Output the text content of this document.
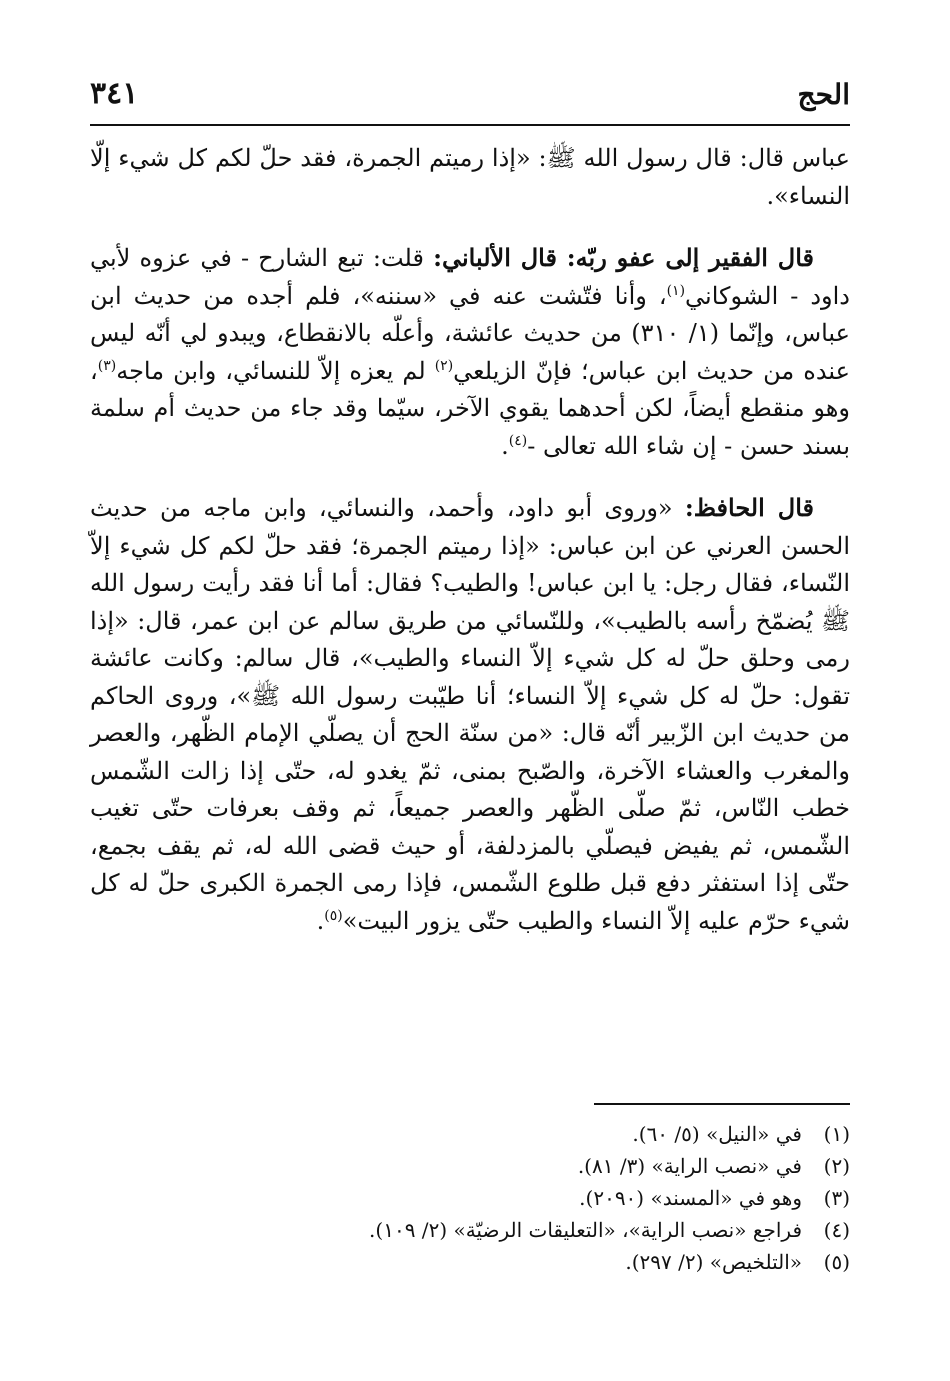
الحج
٣٤١

عباس قال: قال رسول الله ﷺ: «إذا رميتم الجمرة، فقد حلّ لكم كل شيء إلّا النساء».

قال الفقير إلى عفو ربّه: قال الألباني: قلت: تبع الشارح - في عزوه لأبي داود - الشوكاني$^{(١)}$، وأنا فتّشت عنه في «سننه»، فلم أجده من حديث ابن عباس، وإنّما (١/ ٣١٠) من حديث عائشة، وأعلّه بالانقطاع، ويبدو لي أنّه ليس عنده من حديث ابن عباس؛ فإنّ الزيلعي$^{(٢)}$ لم يعزه إلاّ للنسائي، وابن ماجه$^{(٣)}$، وهو منقطع أيضاً، لكن أحدهما يقوي الآخر، سيّما وقد جاء من حديث أم سلمة بسند حسن - إن شاء الله تعالى -$^{(٤)}$.

قال الحافظ: «وروى أبو داود، وأحمد، والنسائي، وابن ماجه من حديث الحسن العرني عن ابن عباس: «إذا رميتم الجمرة؛ فقد حلّ لكم كل شيء إلاّ النّساء، فقال رجل: يا ابن عباس! والطيب؟ فقال: أما أنا فقد رأيت رسول الله ﷺ يُضمّخ رأسه بالطيب»، وللنّسائي من طريق سالم عن ابن عمر، قال: «إذا رمى وحلق حلّ له كل شيء إلاّ النساء والطيب»، قال سالم: وكانت عائشة تقول: حلّ له كل شيء إلاّ النساء؛ أنا طيّبت رسول الله ﷺ»، وروى الحاكم من حديث ابن الزّبير أنّه قال: «من سنّة الحج أن يصلّي الإمام الظّهر، والعصر والمغرب والعشاء الآخرة، والصّبح بمنى، ثمّ يغدو له، حتّى إذا زالت الشّمس خطب النّاس، ثمّ صلّى الظّهر والعصر جميعاً، ثم وقف بعرفات حتّى تغيب الشّمس، ثم يفيض فيصلّي بالمزدلفة، أو حيث قضى الله له، ثم يقف بجمع، حتّى إذا استفثر دفع قبل طلوع الشّمس، فإذا رمى الجمرة الكبرى حلّ له كل شيء حرّم عليه إلاّ النساء والطيب حتّى يزور البيت»$^{(٥)}$.

(١)
في «النيل» (٥/ ٦٠).
(٢)
في «نصب الراية» (٣/ ٨١).
(٣)
وهو في «المسند» (٢٠٩٠).
(٤)
فراجع «نصب الراية»، «التعليقات الرضيّة» (٢/ ١٠٩).
(٥)
«التلخيص» (٢/ ٢٩٧).
